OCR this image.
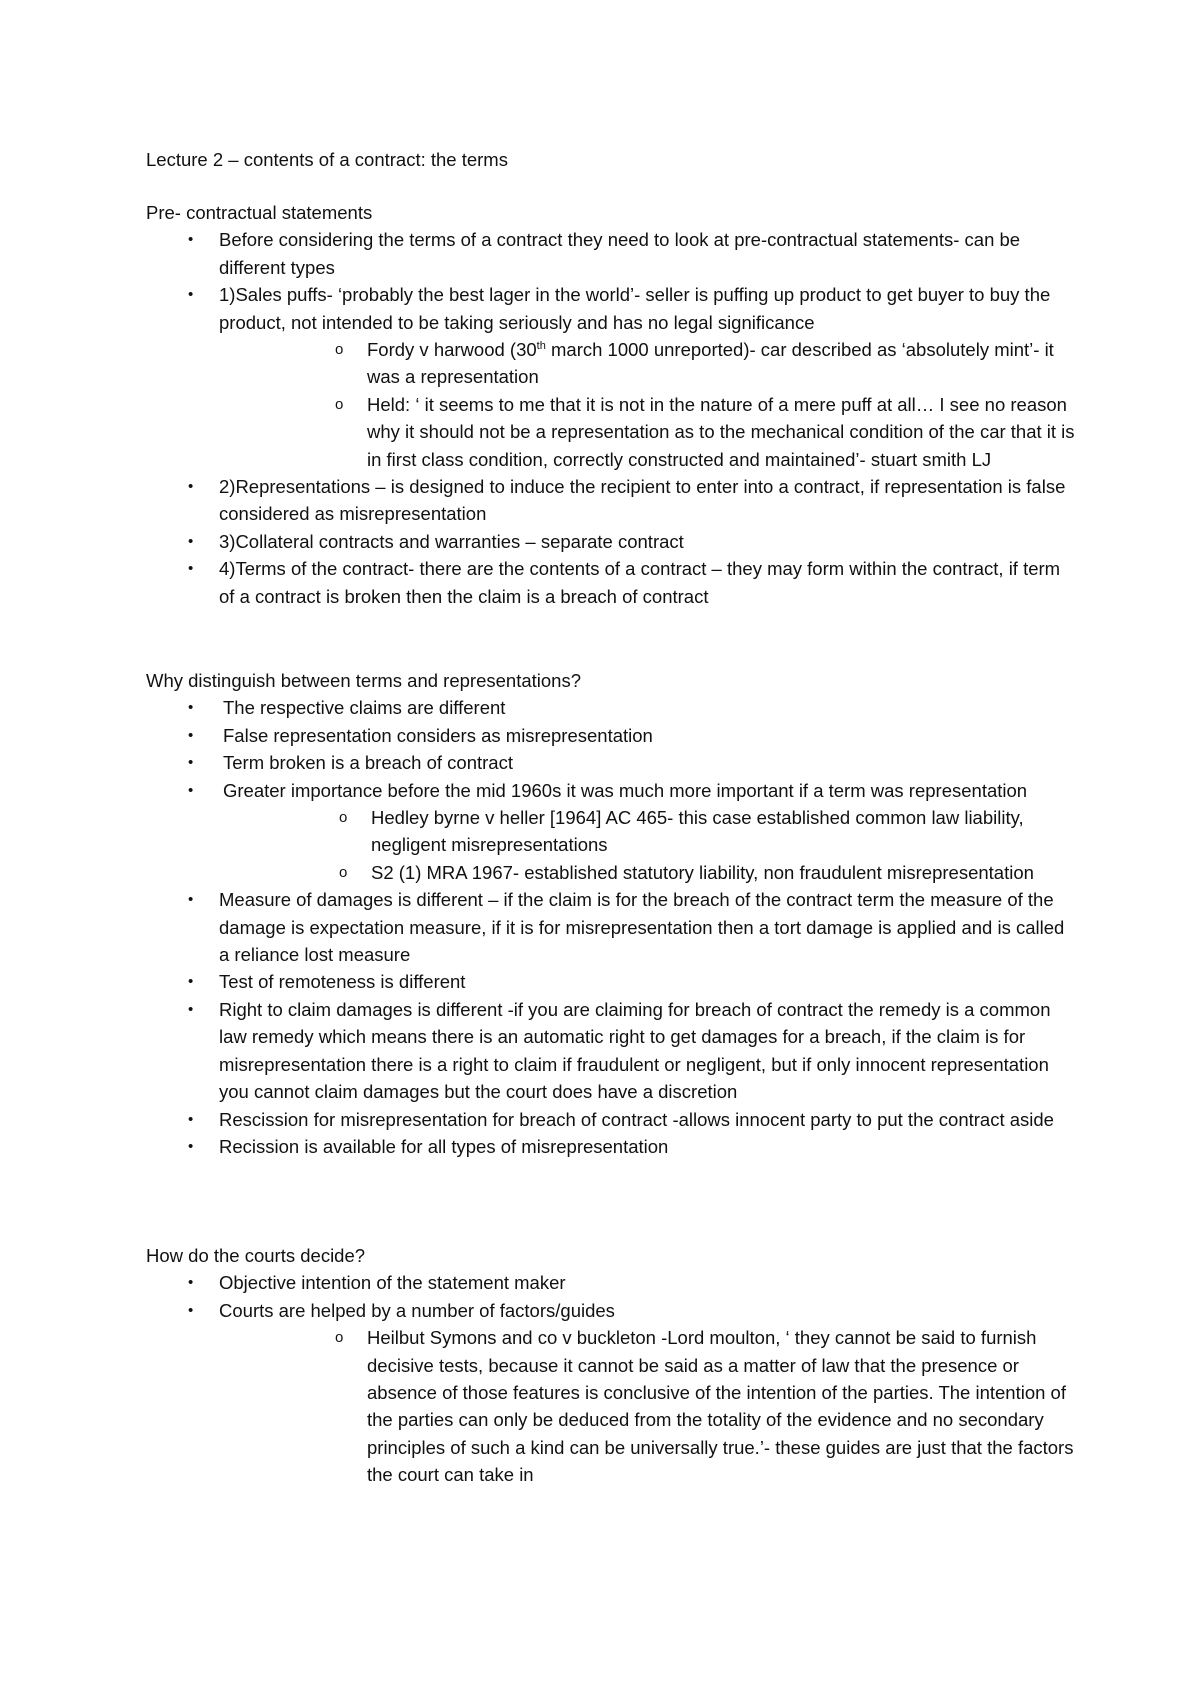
Lecture 2 – contents of a contract: the terms

Pre- contractual statements

• Before considering the terms of a contract they need to look at pre-contractual statements- can be different types
• 1)Sales puffs- ‘probably the best lager in the world’- seller is puffing up product to get buyer to buy the product, not intended to be taking seriously and has no legal significance
o Fordy v harwood (30th march 1000 unreported)- car described as ‘absolutely mint’- it was a representation
o Held: ‘ it seems to me that it is not in the nature of a mere puff at all… I see no reason why it should not be a representation as to the mechanical condition of the car that it is in first class condition, correctly constructed and maintained’- stuart smith LJ
• 2)Representations – is designed to induce the recipient to enter into a contract, if representation is false considered as misrepresentation
• 3)Collateral contracts and warranties – separate contract
• 4)Terms of the contract- there are the contents of a contract – they may form within the contract, if term of a contract is broken then the claim is a breach of contract

Why distinguish between terms and representations?

• The respective claims are different
• False representation considers as misrepresentation
• Term broken is a breach of contract
• Greater importance before the mid 1960s it was much more important if a term was representation
o Hedley byrne v heller [1964] AC 465- this case established common law liability, negligent misrepresentations
o S2 (1) MRA 1967- established statutory liability, non fraudulent misrepresentation
• Measure of damages is different – if the claim is for the breach of the contract term the measure of the damage is expectation measure, if it is for misrepresentation then a tort damage is applied and is called a reliance lost measure
• Test of remoteness is different
• Right to claim damages is different -if you are claiming for breach of contract the remedy is a common law remedy which means there is an automatic right to get damages for a breach, if the claim is for misrepresentation there is a right to claim if fraudulent or negligent, but if only innocent representation you cannot claim damages but the court does have a discretion
• Rescission for misrepresentation for breach of contract -allows innocent party to put the contract aside
• Recission is available for all types of misrepresentation

How do the courts decide?

• Objective intention of the statement maker
• Courts are helped by a number of factors/guides
o Heilbut Symons and co v buckleton -Lord moulton, ‘ they cannot be said to furnish decisive tests, because it cannot be said as a matter of law that the presence or absence of those features is conclusive of the intention of the parties. The intention of the parties can only be deduced from the totality of the evidence and no secondary principles of such a kind can be universally true.’- these guides are just that the factors the court can take in
